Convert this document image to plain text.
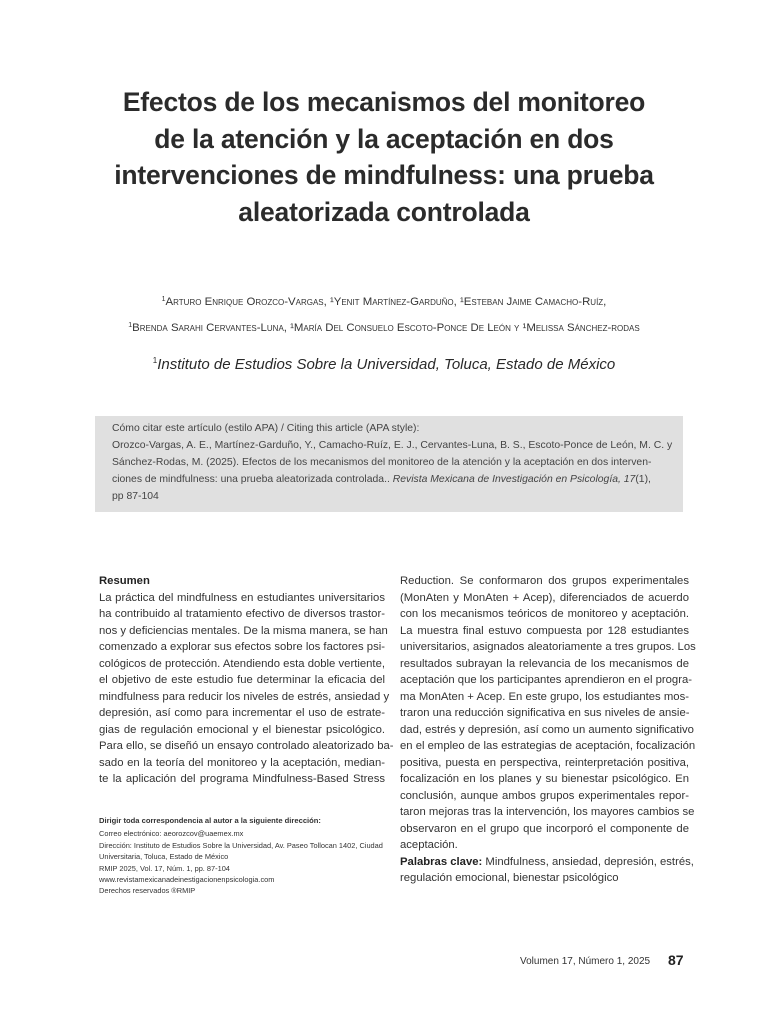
Efectos de los mecanismos del monitoreo
de la atención y la aceptación en dos
intervenciones de mindfulness: una prueba
aleatorizada controlada
$^1$Arturo Enrique Orozco-Vargas, ¹Yenit Martínez-Garduño, ¹Esteban Jaime Camacho-Ruíz,
$^1$Brenda Sarahi Cervantes-Luna, ¹María Del Consuelo Escoto-Ponce De León y ¹Melissa Sánchez-rodas
$^1$Instituto de Estudios Sobre la Universidad, Toluca, Estado de México
Cómo citar este artículo (estilo APA) / Citing this article (APA style):
Orozco-Vargas, A. E., Martínez-Garduño, Y., Camacho-Ruíz, E. J., Cervantes-Luna, B. S., Escoto-Ponce de León, M. C. y
Sánchez-Rodas, M. (2025). Efectos de los mecanismos del monitoreo de la atención y la aceptación en dos interven-
ciones de mindfulness: una prueba aleatorizada controlada.. Revista Mexicana de Investigación en Psicología, 17(1),
pp 87-104
Resumen
La práctica del mindfulness en estudiantes universitarios
ha contribuido al tratamiento efectivo de diversos trastor-
nos y deficiencias mentales. De la misma manera, se han
comenzado a explorar sus efectos sobre los factores psi-
cológicos de protección. Atendiendo esta doble vertiente,
el objetivo de este estudio fue determinar la eficacia del
mindfulness para reducir los niveles de estrés, ansiedad y
depresión, así como para incrementar el uso de estrate-
gias de regulación emocional y el bienestar psicológico.
Para ello, se diseñó un ensayo controlado aleatorizado ba-
sado en la teoría del monitoreo y la aceptación, median-
te la aplicación del programa Mindfulness-Based Stress
Reduction. Se conformaron dos grupos experimentales
(MonAten y MonAten + Acep), diferenciados de acuerdo
con los mecanismos teóricos de monitoreo y aceptación.
La muestra final estuvo compuesta por 128 estudiantes
universitarios, asignados aleatoriamente a tres grupos. Los
resultados subrayan la relevancia de los mecanismos de
aceptación que los participantes aprendieron en el progra-
ma MonAten + Acep. En este grupo, los estudiantes mos-
traron una reducción significativa en sus niveles de ansie-
dad, estrés y depresión, así como un aumento significativo
en el empleo de las estrategias de aceptación, focalización
positiva, puesta en perspectiva, reinterpretación positiva,
focalización en los planes y su bienestar psicológico. En
conclusión, aunque ambos grupos experimentales repor-
taron mejoras tras la intervención, los mayores cambios se
observaron en el grupo que incorporó el componente de
aceptación.
Palabras clave: Mindfulness, ansiedad, depresión, estrés,
regulación emocional, bienestar psicológico
Dirigir toda correspondencia al autor a la siguiente dirección:
Correo electrónico: aeorozcov@uaemex.mx
Dirección: Instituto de Estudios Sobre la Universidad, Av. Paseo Tollocan 1402, Ciudad
Universitaria, Toluca, Estado de México
RMIP 2025, Vol. 17, Núm. 1, pp. 87-104
www.revistamexicanadeinestigacionenpsicologia.com
Derechos reservados ®RMIP
Volumen 17, Número 1, 2025 87
